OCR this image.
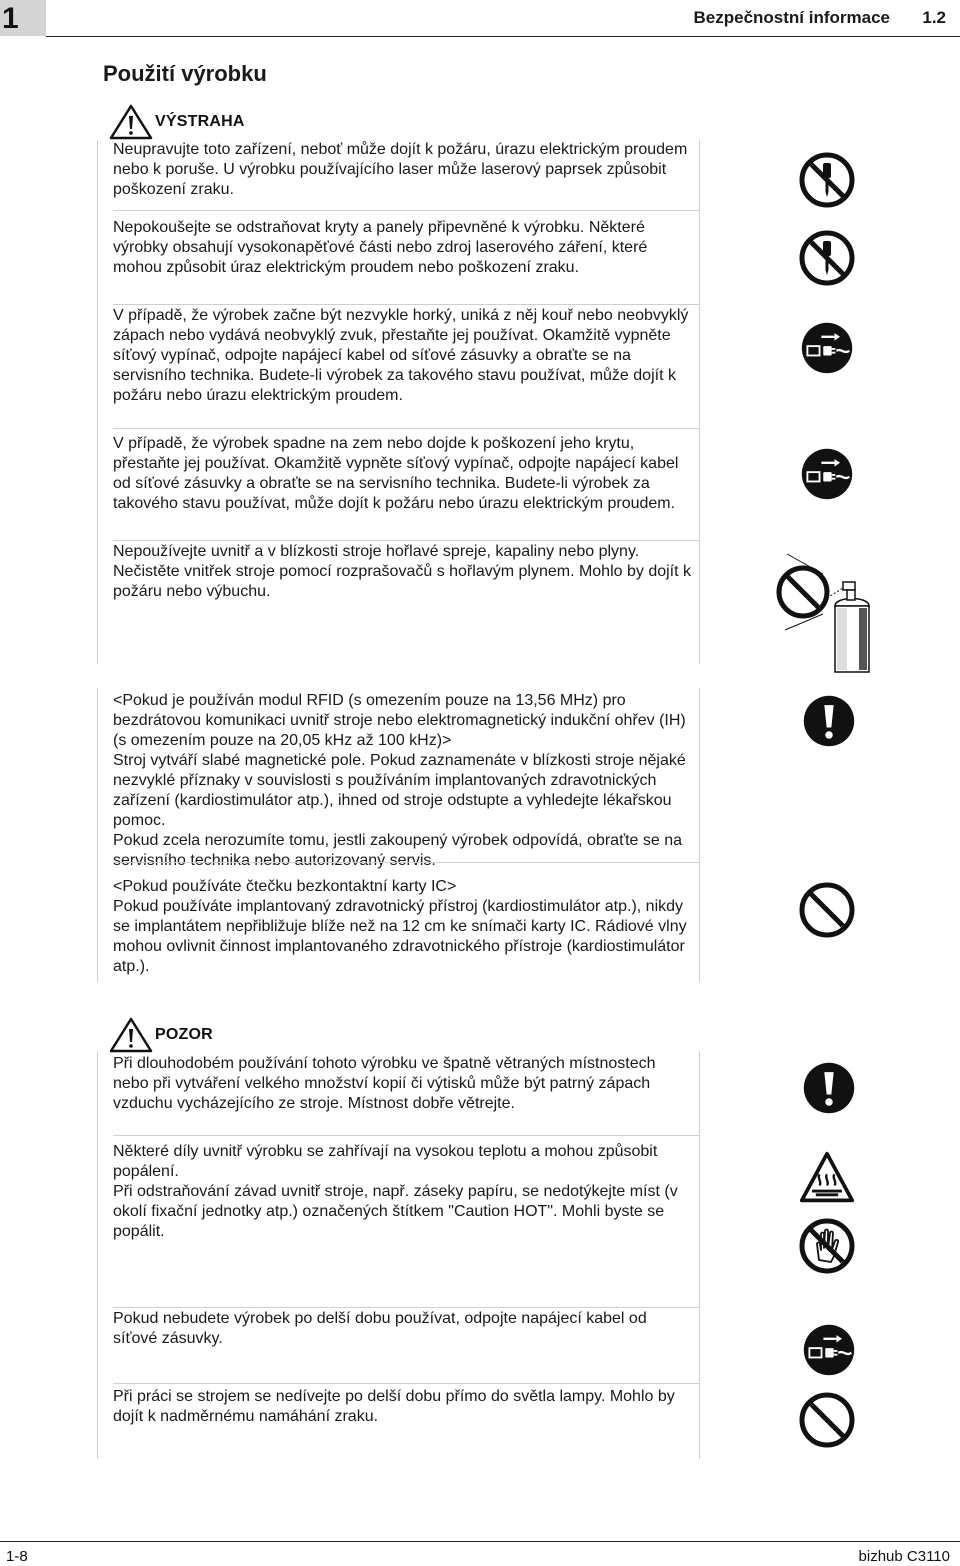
1	Bezpečnostní informace 1.2
Použití výrobku
VÝSTRAHA
Neupravujte toto zařízení, neboť může dojít k požáru, úrazu elektrickým proudem nebo k poruše. U výrobku používajícího laser může laserový paprsek způsobit poškození zraku.
Nepokoušejte se odstraňovat kryty a panely připevněné k výrobku. Některé výrobky obsahují vysokonapěťové části nebo zdroj laserového záření, které mohou způsobit úraz elektrickým proudem nebo poškození zraku.
V případě, že výrobek začne být nezvykle horký, uniká z něj kouř nebo neobvyklý zápach nebo vydává neobvyklý zvuk, přestaňte jej používat. Okamžitě vypněte síťový vypínač, odpojte napájecí kabel od síťové zásuvky a obraťte se na servisního technika. Budete-li výrobek za takového stavu používat, může dojít k požáru nebo úrazu elektrickým proudem.
V případě, že výrobek spadne na zem nebo dojde k poškození jeho krytu, přestaňte jej používat. Okamžitě vypněte síťový vypínač, odpojte napájecí kabel od síťové zásuvky a obraťte se na servisního technika. Budete-li výrobek za takového stavu používat, může dojít k požáru nebo úrazu elektrickým proudem.
Nepoužívejte uvnitř a v blízkosti stroje hořlavé spreje, kapaliny nebo plyny. Nečistěte vnitřek stroje pomocí rozprašovačů s hořlavým plynem. Mohlo by dojít k požáru nebo výbuchu.
<Pokud je používán modul RFID (s omezením pouze na 13,56 MHz) pro bezdrátovou komunikaci uvnitř stroje nebo elektromagnetický indukční ohřev (IH) (s omezením pouze na 20,05 kHz až 100 kHz)>
Stroj vytváří slabé magnetické pole. Pokud zaznamenáte v blízkosti stroje nějaké nezvyklé příznaky v souvislosti s používáním implantovaných zdravotnických zařízení (kardiostimulátor atp.), ihned od stroje odstupte a vyhledejte lékařskou pomoc.
Pokud zcela nerozumíte tomu, jestli zakoupený výrobek odpovídá, obraťte se na servisního technika nebo autorizovaný servis.
<Pokud používáte čtečku bezkontaktní karty IC>
Pokud používáte implantovaný zdravotnický přístroj (kardiostimulátor atp.), nikdy se implantátem nepřibližuje blíže než na 12 cm ke snímači karty IC. Rádiové vlny mohou ovlivnit činnost implantovaného zdravotnického přístroje (kardiostimulátor atp.).
POZOR
Při dlouhodobém používání tohoto výrobku ve špatně větraných místnostech nebo při vytváření velkého množství kopií či výtisků může být patrný zápach vzduchu vycházejícího ze stroje. Místnost dobře větrejte.
Některé díly uvnitř výrobku se zahřívají na vysokou teplotu a mohou způsobit popálení.
Při odstraňování závad uvnitř stroje, např. záseky papíru, se nedotýkejte míst (v okolí fixační jednotky atp.) označených štítkem "Caution HOT". Mohli byste se popálit.
Pokud nebudete výrobek po delší dobu používat, odpojte napájecí kabel od síťové zásuvky.
Při práci se strojem se nedívejte po delší dobu přímo do světla lampy. Mohlo by dojít k nadměrnému namáhání zraku.
1-8	bizhub C3110
